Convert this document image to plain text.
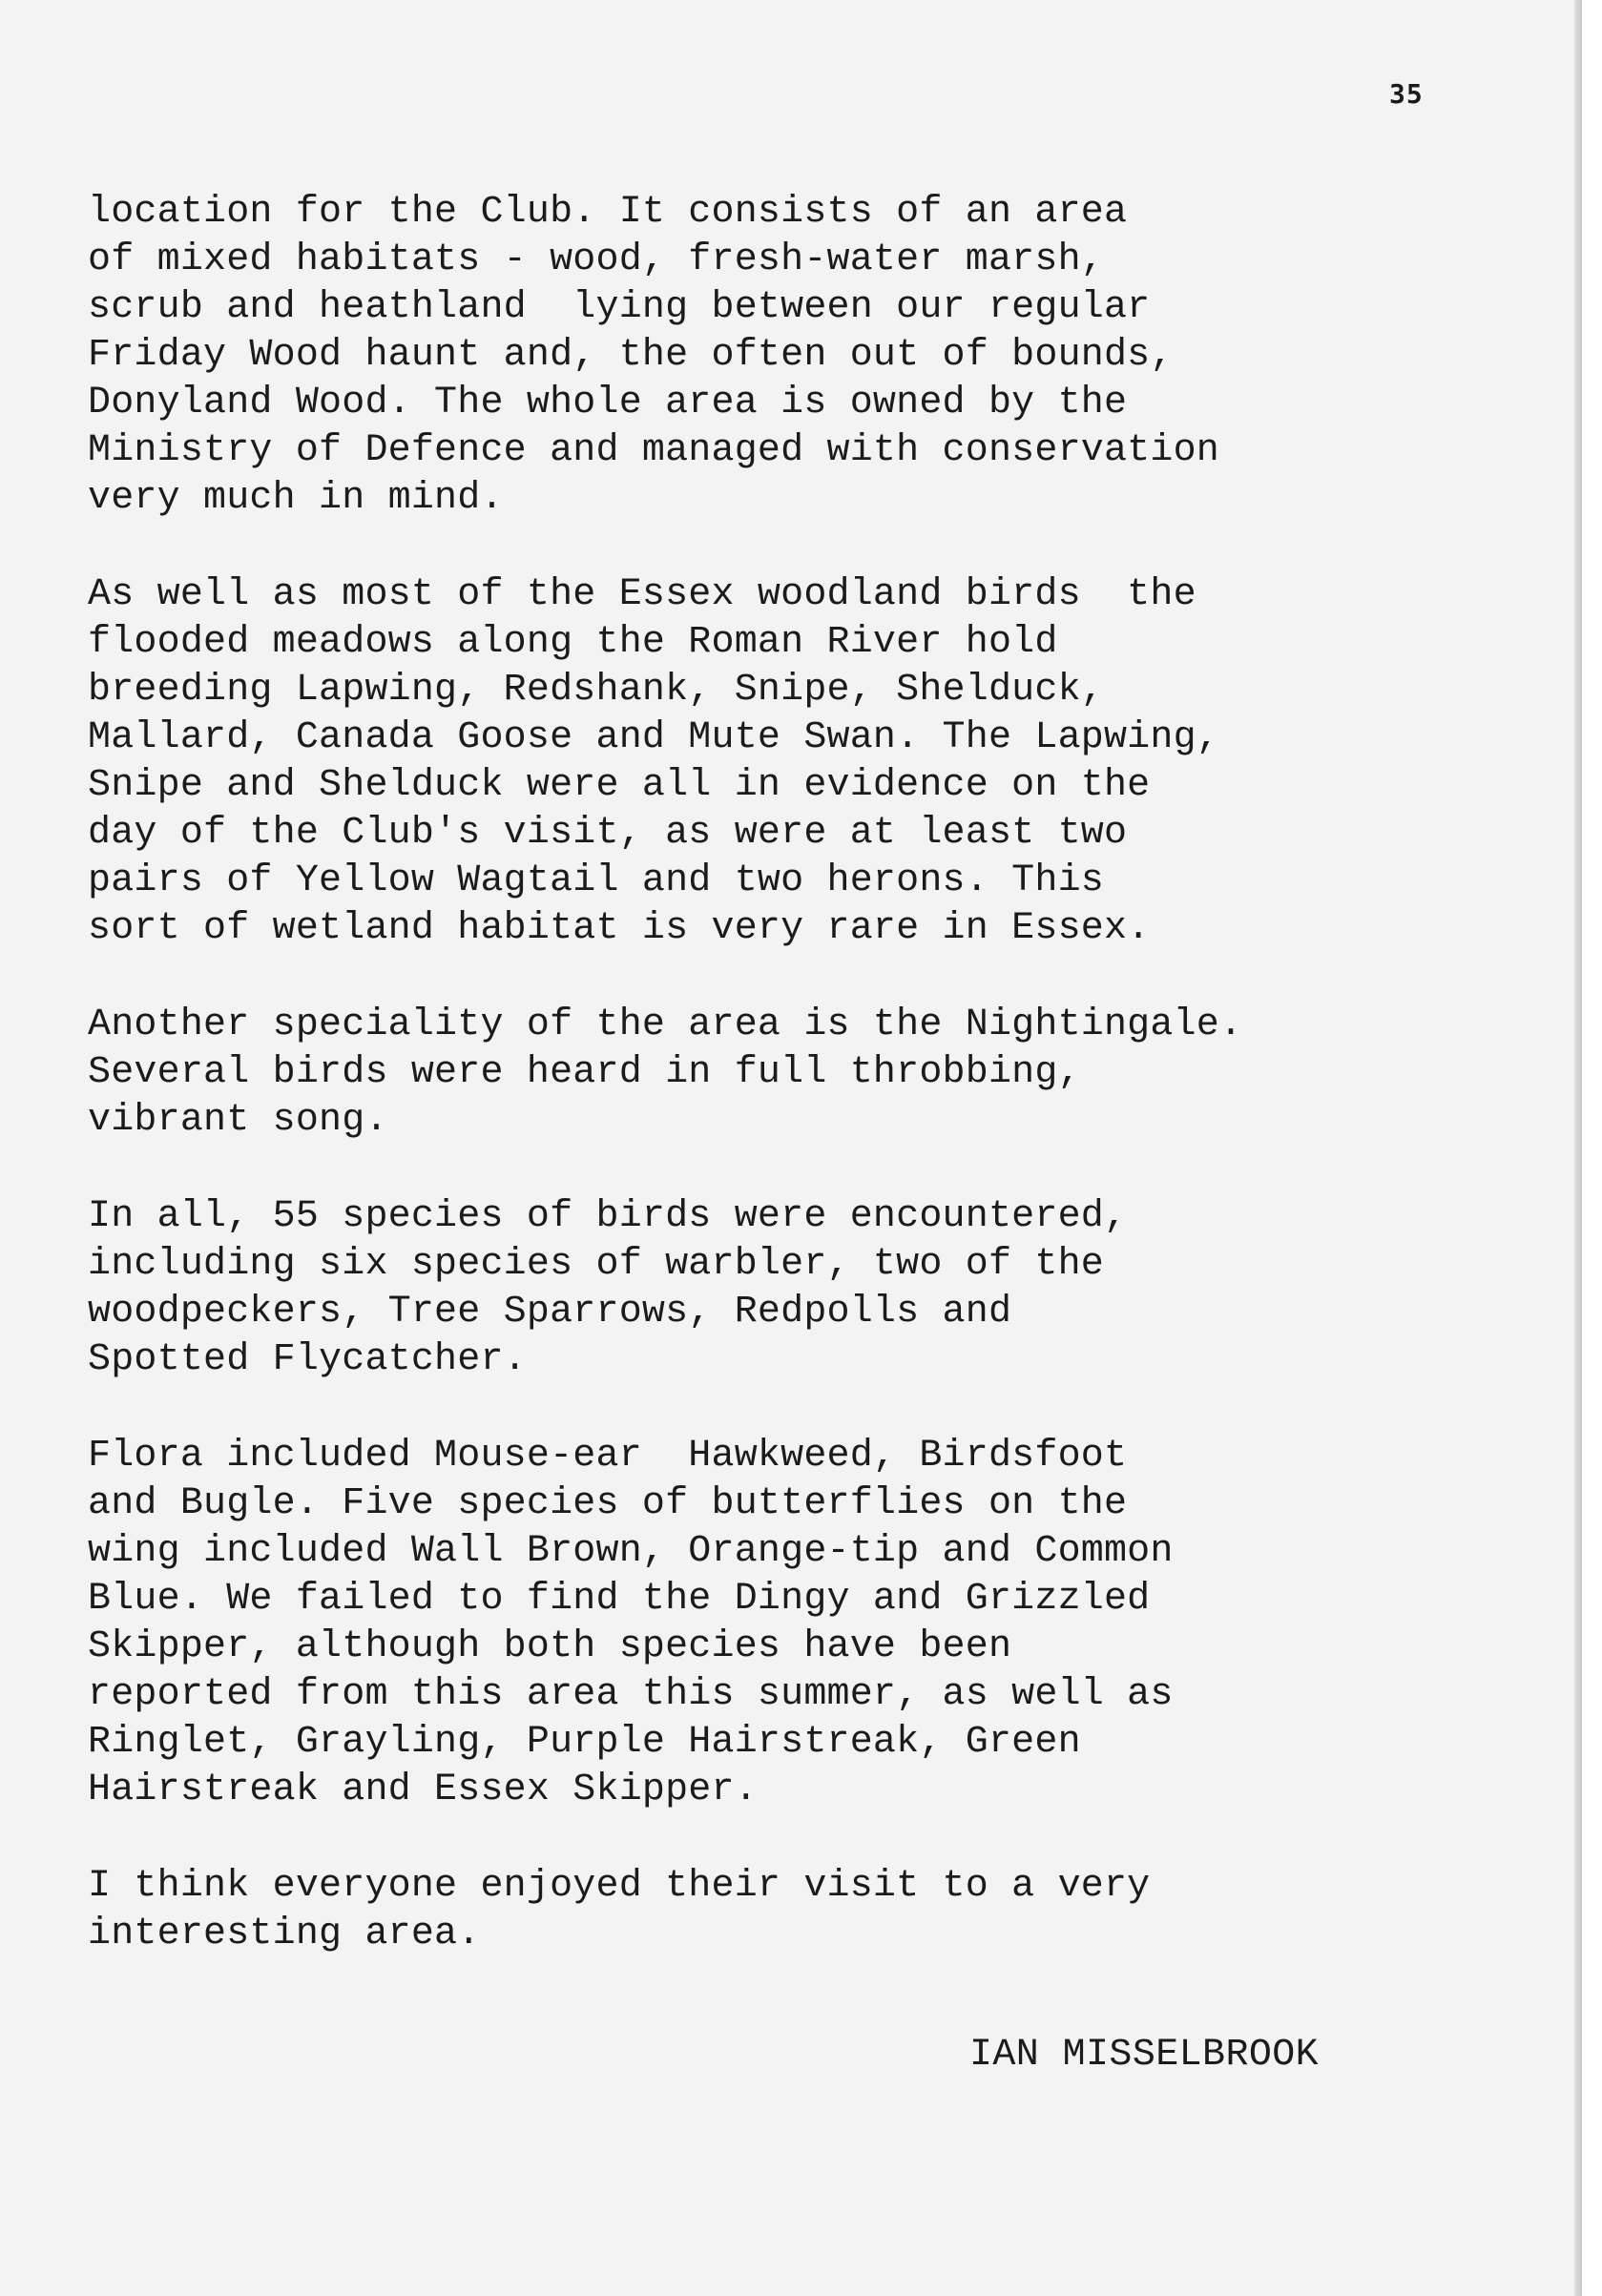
35

location for the Club. It consists of an area
of mixed habitats - wood, fresh-water marsh,
scrub and heathland  lying between our regular
Friday Wood haunt and, the often out of bounds,
Donyland Wood. The whole area is owned by the
Ministry of Defence and managed with conservation
very much in mind.

As well as most of the Essex woodland birds  the
flooded meadows along the Roman River hold
breeding Lapwing, Redshank, Snipe, Shelduck,
Mallard, Canada Goose and Mute Swan. The Lapwing,
Snipe and Shelduck were all in evidence on the
day of the Club's visit, as were at least two
pairs of Yellow Wagtail and two herons. This
sort of wetland habitat is very rare in Essex.

Another speciality of the area is the Nightingale.
Several birds were heard in full throbbing,
vibrant song.

In all, 55 species of birds were encountered,
including six species of warbler, two of the
woodpeckers, Tree Sparrows, Redpolls and
Spotted Flycatcher.

Flora included Mouse-ear  Hawkweed, Birdsfoot
and Bugle. Five species of butterflies on the
wing included Wall Brown, Orange-tip and Common
Blue. We failed to find the Dingy and Grizzled
Skipper, although both species have been
reported from this area this summer, as well as
Ringlet, Grayling, Purple Hairstreak, Green
Hairstreak and Essex Skipper.

I think everyone enjoyed their visit to a very
interesting area.

IAN MISSELBROOK
